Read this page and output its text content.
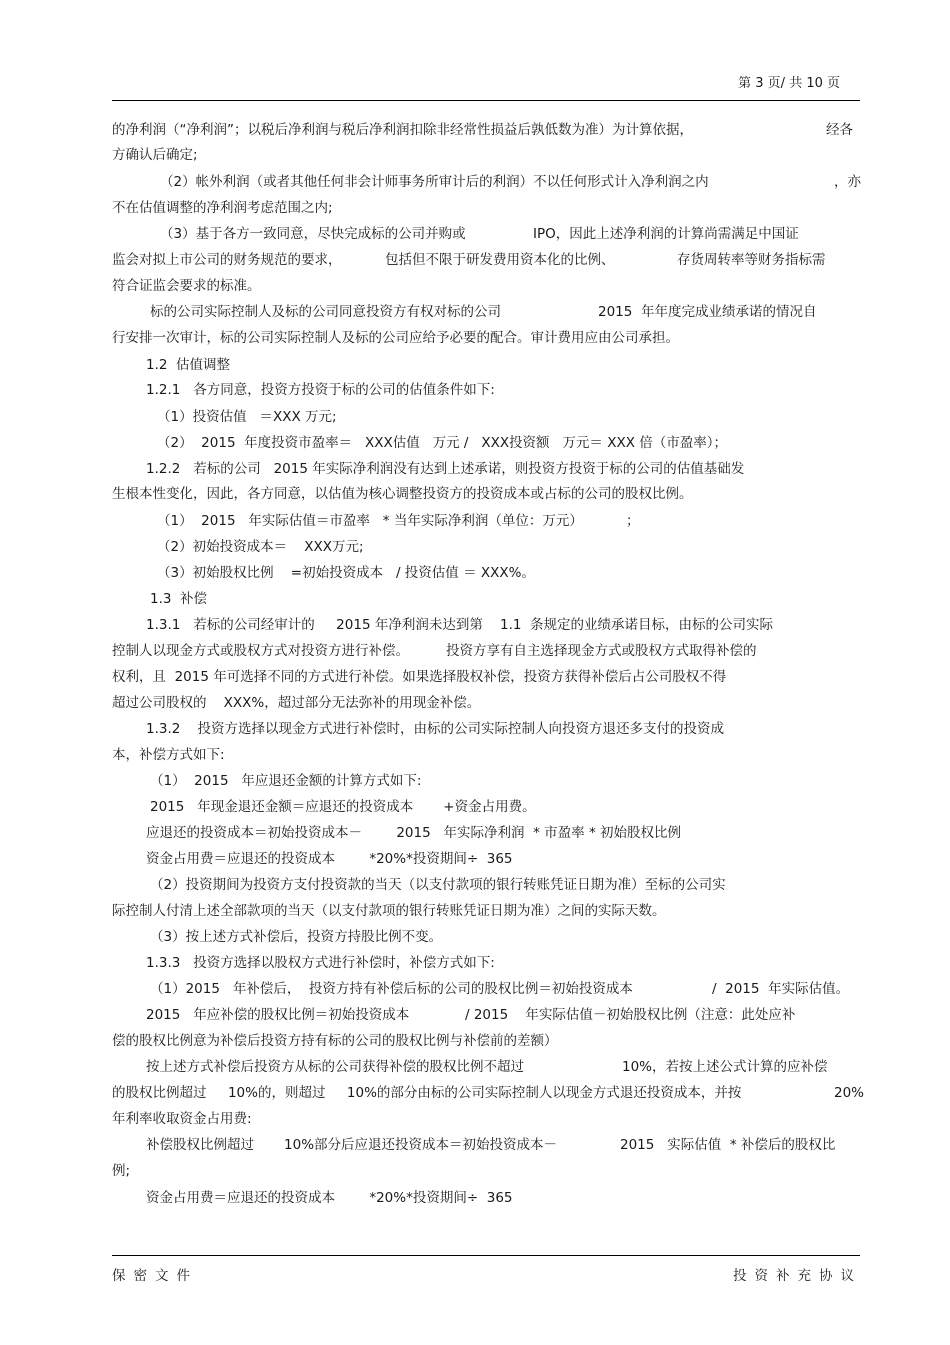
第 3 页/ 共 10 页
的净利润（“净利润”；以税后净利润与税后净利润扣除非经常性损益后孰低数为准）为计算依据，	经各
方确认后确定;
（2）帐外利润（或者其他任何非会计师事务所审计后的利润）不以任何形式计入净利润之内	，亦
不在估值调整的净利润考虑范围之内;
（3）基于各方一致同意，尽快完成标的公司并购或	IPO，因此上述净利润的计算尚需满足中国证
监会对拟上市公司的财务规范的要求，	包括但不限于研发费用资本化的比例、	存货周转率等财务指标需
符合证监会要求的标准。
标的公司实际控制人及标的公司同意投资方有权对标的公司	2015  年年度完成业绩承诺的情况自
行安排一次审计，标的公司实际控制人及标的公司应给予必要的配合。审计费用应由公司承担。
1.2  估值调整
1.2.1   各方同意，投资方投资于标的公司的估值条件如下:
（1）投资估值   ＝XXX 万元;
（2）  2015  年度投资市盈率＝   XXX估值   万元 /   XXX投资额   万元＝ XXX 倍（市盈率）；
1.2.2   若标的公司   2015 年实际净利润没有达到上述承诺，则投资方投资于标的公司的估值基础发
生根本性变化，因此，各方同意，以估值为核心调整投资方的投资成本或占标的公司的股权比例。
（1）  2015   年实际估值＝市盈率   * 当年实际净利润（单位：万元）	；
（2）初始投资成本＝    XXX万元;
（3）初始股权比例    =初始投资成本   / 投资估值 ＝ XXX%。
1.3  补偿
1.3.1   若标的公司经审计的     2015 年净利润未达到第    1.1  条规定的业绩承诺目标，由标的公司实际
控制人以现金方式或股权方式对投资方进行补偿。	投资方享有自主选择现金方式或股权方式取得补偿的
权利，且  2015 年可选择不同的方式进行补偿。如果选择股权补偿，投资方获得补偿后占公司股权不得
超过公司股权的    XXX%，超过部分无法弥补的用现金补偿。
1.3.2    投资方选择以现金方式进行补偿时，由标的公司实际控制人向投资方退还多支付的投资成
本，补偿方式如下:
（1）  2015   年应退还金额的计算方式如下:
2015   年现金退还金额＝应退还的投资成本       +资金占用费。
应退还的投资成本＝初始投资成本－        2015   年实际净利润  * 市盈率 * 初始股权比例
资金占用费＝应退还的投资成本        *20%*投资期间÷  365
（2）投资期间为投资方支付投资款的当天（以支付款项的银行转账凭证日期为准）至标的公司实
际控制人付清上述全部款项的当天（以支付款项的银行转账凭证日期为准）之间的实际天数。
（3）按上述方式补偿后，投资方持股比例不变。
1.3.3   投资方选择以股权方式进行补偿时，补偿方式如下:
（1）2015   年补偿后，  投资方持有补偿后标的公司的股权比例＝初始投资成本	/  2015  年实际估值。
2015   年应补偿的股权比例＝初始投资成本	/ 2015    年实际估值－初始股权比例（注意：此处应补
偿的股权比例意为补偿后投资方持有标的公司的股权比例与补偿前的差额）
按上述方式补偿后投资方从标的公司获得补偿的股权比例不超过	10%，若按上述公式计算的应补偿
的股权比例超过     10%的，则超过     10%的部分由标的公司实际控制人以现金方式退还投资成本，并按	20%
年利率收取资金占用费:
补偿股权比例超过       10%部分后应退还投资成本＝初始投资成本－	2015   实际估值  * 补偿后的股权比
例;
资金占用费＝应退还的投资成本        *20%*投资期间÷  365
保密文件	投资补充协议
